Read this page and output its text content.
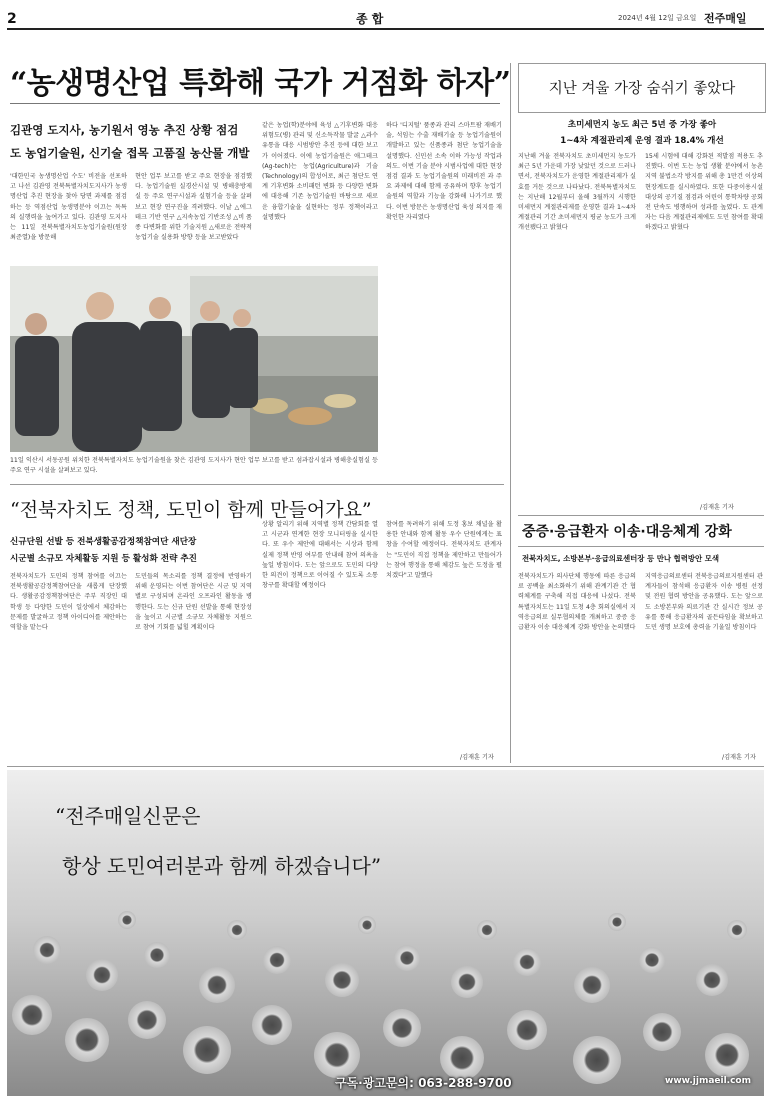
2	종 합	2024년 4월 12일 금요일 전주매일
“농생명산업 특화해 국가 거점화 하자”
김관영 도지사, 농기원서 영농 추진 상황 점검
도 농업기술원, 신기술 접목 고품질 농산물 개발
'대한민국 농생명산업 수도' 비전을 선포하고 나선 김관영 전북특별자치도지사가 농생명산업 추진 현장을 찾아 당면 과제를 점검하는 등 역점산업 농생명분야 이끄는 독특의 실행력을 높여가고 있다. 김관영 도지사는 11일 전북특별자치도농업기술원(원장 최준열)을 방문해
현안 업무 보고를 받고 주요 현장을 점검했다. 농업기술원 실경산시설 및 병해충방제실 등 주요 연구시설과 실험기술 등을 살펴보고 현장 연구진을 격려했다. 이날 △에그테크 기반 연구 △지속농업 기반조성 △비 품종 다변화를 위한 기술지원 △새로운 전략적 농업기술 실용화 방향 등을 보고받았다
같은 농업(학)분야에 육성 △기후변화 대응 위험도(병) 관리 및 신소득작물 발굴 △과수유통을 대응 시범방안 추진 등에 대한 보고가 이어졌다. 이에 농업기술원은 애그테크(Ag-tech)는 농업(Agriculture)과 기술(Technology)의 합성어로, 최근 첨단도 연계 기후변화 소비패턴 변화 등 다양한 변화에 대응해 기존 농업기술원 바탕으로 새로운 융합기술을 실현하는 정부 정책이라고 설명했다
하다 '디지털' 품종과 관리 스마트팜 재배기술, 석임는 수출 재배기술 등 농업기술원이 개발하고 있는 신품종과 첨단 농업기술을 설명했다. 신민선 소속 이하 가능성 작업과 의도. 이번 기술 분야 시범사업에 대한 현장 점검 결과 도 농업기술원의 미래비전 과 주요 과제에 대해 함께 공유하며 향후 농업기술원의 역할과 기능을 강화해 나가기로 했다. 이번 방문은 농생명산업 육성 의지를 재확인한 자리였다
11일 익산시 서동공원 위치한 전북특별자치도 농업기술원을 찾은 김관영 도지사가 현안 업무 보고를 받고 섬과잡시설과 병해충실험실 등 주요 연구 시설을 살펴보고 있다.
지난 겨울 가장 숨쉬기 좋았다
초미세먼지 농도 최근 5년 중 가장 좋아
1~4차 계절관리제 운영 결과 18.4% 개선
지난해 겨울 전북자치도 초미세먼지 농도가 최근 5년 가운데 가장 낮았던 것으로 드러나면서, 전북자치도가 운영한 계절관리제가 실효를 거둔 것으로 나타났다. 전북특별자치도는 지난해 12월부터 올해 3월까지 시행한 미세먼지 계절관리제를 운영한 결과 1~4차 계절관리 기간 초미세먼지 평균 농도가 크게 개선됐다고 밝혔다
15세 시험에 대해 강화된 적발점 적용도 추진했다. 이번 도는 농업 생활 분야에서 농촌지역 불법소각 방지를 위해 총 1만건 이상의 현장계도를 실시하였다. 또한 다중이용시설 대상의 공기질 점검과 어린이 통학차량 공회전 단속도 병행하며 성과를 높였다. 도 관계자는 다음 계절관리제에도 도민 참여를 확대하겠다고 밝혔다
/김재훈 기자
“전북자치도 정책, 도민이 함께 만들어가요”
신규단원 선발 등 전북생활공감정책참여단 새단장
시군별 소규모 자체활동 지원 등 활성화 전략 추진
전북자치도가 도민의 정책 참여를 이끄는 전북생활공감정책참여단을 새롭게 단장했다. 생활공감정책참여단은 주부 직장인 대학생 등 다양한 도민이 일상에서 체감하는 문제를 발굴하고 정책 아이디어를 제안하는 역할을 맡는다
도민들의 목소리를 정책 결정에 반영하기 위해 운영되는 이번 참여단은 시군 및 지역별로 구성되며 온라인 오프라인 활동을 병행한다. 도는 신규 단원 선발을 통해 현장성을 높이고 시군별 소규모 자체활동 지원으로 참여 기회를 넓힐 계획이다
상황 알리기 위해 지역별 정책 간담회를 열고 시군과 연계한 현장 모니터링을 실시한다. 또 우수 제안에 대해서는 시상과 함께 실제 정책 반영 여부를 안내해 참여 의욕을 높일 방침이다. 도는 앞으로도 도민의 다양한 의견이 정책으로 이어질 수 있도록 소통 창구를 확대할 예정이다
참여를 독려하기 위해 도정 홍보 채널을 활용한 안내와 함께 활동 우수 단원에게는 표창을 수여할 예정이다. 전북자치도 관계자는 "도민이 직접 정책을 제안하고 만들어가는 참여 행정을 통해 체감도 높은 도정을 펼치겠다"고 말했다
/김재훈 기자
중증·응급환자 이송·대응체계 강화
전북자치도, 소방본부·응급의료센터장 등 만나 협력방안 모색
전북자치도가 의사단체 행동에 따른 응급의료 공백을 최소화하기 위해 관계기관 간 협력체계를 구축해 직접 대응에 나섰다. 전북특별자치도는 11일 도청 4층 회의실에서 지역응급의료 실무협의체를 개최하고 중증 응급환자 이송 대응체계 강화 방안을 논의했다
지역응급의료센터 전북응급의료지원센터 관계자들이 참석해 응급환자 이송 병원 선정 및 전원 협력 방안을 공유했다. 도는 앞으로도 소방본부와 의료기관 간 실시간 정보 공유를 통해 응급환자의 골든타임을 확보하고 도민 생명 보호에 총력을 기울일 방침이다
/김재훈 기자
“전주매일신문은
항상 도민여러분과 함께 하겠습니다”
구독·광고문의: 063-288-9700	www.jjmaeil.com
